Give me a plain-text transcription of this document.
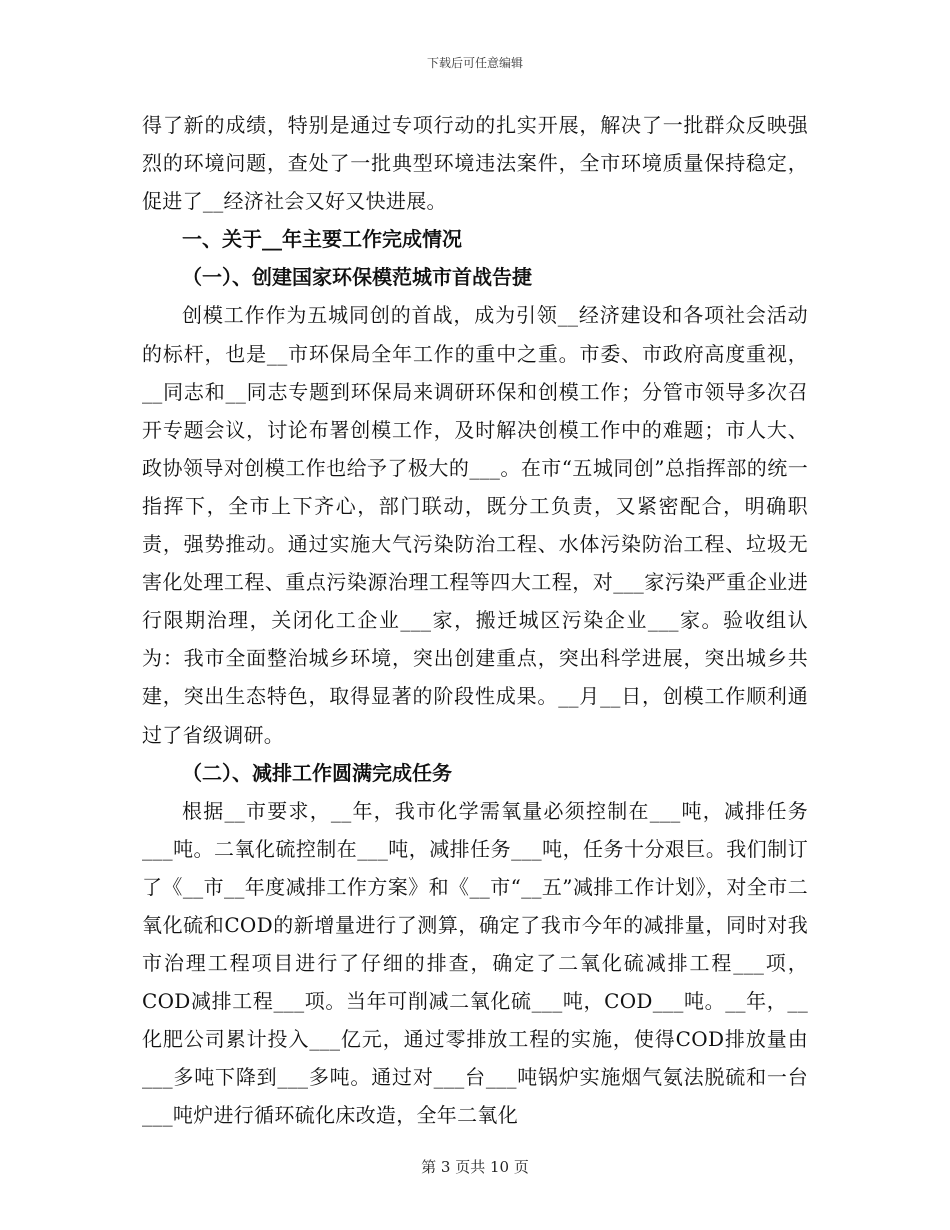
下载后可任意编辑

得了新的成绩，特别是通过专项行动的扎实开展，解决了一批群众反映强烈的环境问题，查处了一批典型环境违法案件，全市环境质量保持稳定，促进了__经济社会又好又快进展。

一、关于__年主要工作完成情况

（一）、创建国家环保模范城市首战告捷

创模工作作为五城同创的首战，成为引领__经济建设和各项社会活动的标杆，也是__市环保局全年工作的重中之重。市委、市政府高度重视，__同志和__同志专题到环保局来调研环保和创模工作；分管市领导多次召开专题会议，讨论布署创模工作，及时解决创模工作中的难题；市人大、政协领导对创模工作也给予了极大的___。在市“五城同创”总指挥部的统一指挥下，全市上下齐心，部门联动，既分工负责，又紧密配合，明确职责，强势推动。通过实施大气污染防治工程、水体污染防治工程、垃圾无害化处理工程、重点污染源治理工程等四大工程，对___家污染严重企业进行限期治理，关闭化工企业___家，搬迁城区污染企业___家。验收组认为：我市全面整治城乡环境，突出创建重点，突出科学进展，突出城乡共建，突出生态特色，取得显著的阶段性成果。__月__日，创模工作顺利通过了省级调研。

（二）、减排工作圆满完成任务

根据__市要求，__年，我市化学需氧量必须控制在___吨，减排任务___吨。二氧化硫控制在___吨，减排任务___吨，任务十分艰巨。我们制订了《__市__年度减排工作方案》和《__市“__五”减排工作计划》，对全市二氧化硫和COD的新增量进行了测算，确定了我市今年的减排量，同时对我市治理工程项目进行了仔细的排查，确定了二氧化硫减排工程___项，COD减排工程___项。当年可削减二氧化硫___吨，COD___吨。__年，__化肥公司累计投入___亿元，通过零排放工程的实施，使得COD排放量由___多吨下降到___多吨。通过对___台___吨锅炉实施烟气氨法脱硫和一台___吨炉进行循环硫化床改造，全年二氧化

第 3 页共 10 页
